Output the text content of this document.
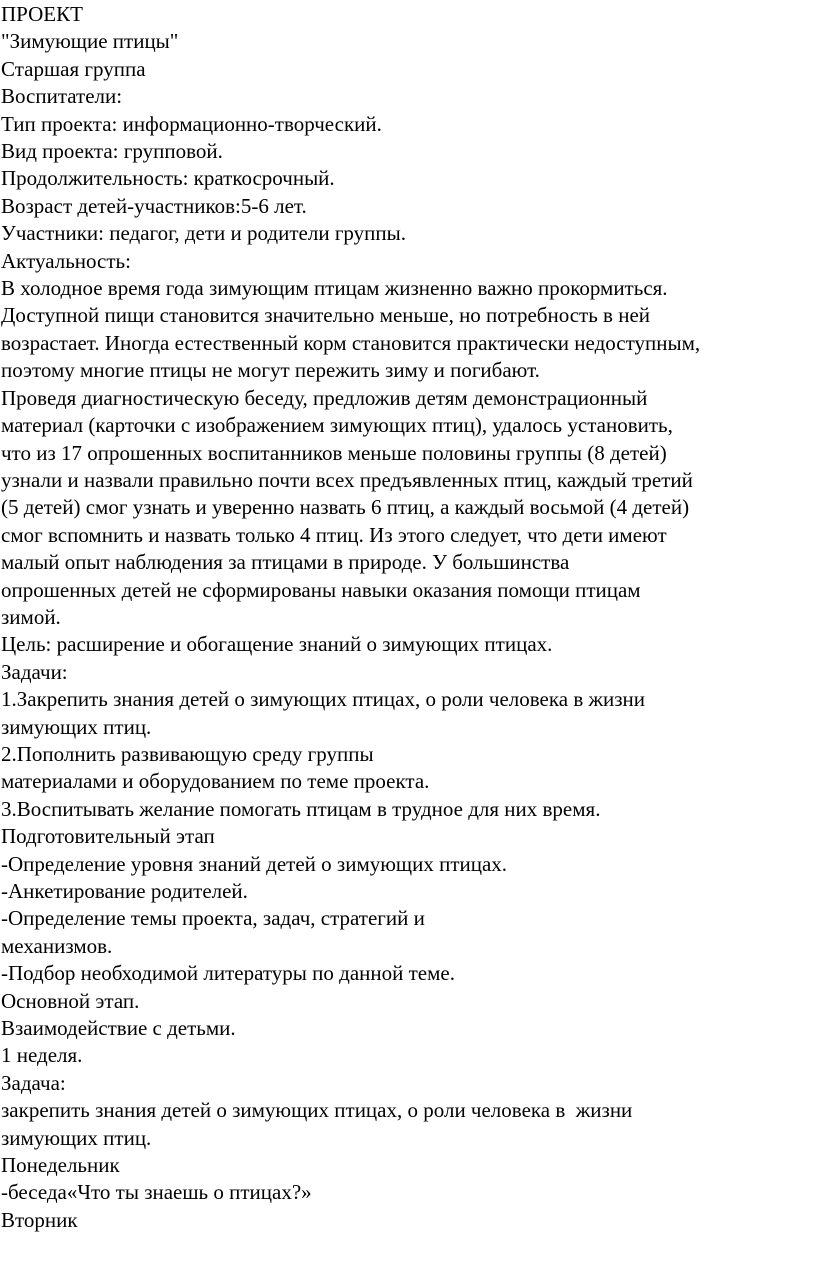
ПРОЕКТ

"Зимующие птицы"

Старшая группа

Воспитатели:

Тип проекта: информационно-творческий.

Вид проекта: групповой.

Продолжительность: краткосрочный.

Возраст детей-участников:5-6 лет.

Участники: педагог, дети и родители группы.

Актуальность:

В холодное время года зимующим птицам жизненно важно прокормиться.

Доступной пищи становится значительно меньше, но потребность в ней

возрастает. Иногда естественный корм становится практически недоступным,

поэтому многие птицы не могут пережить зиму и погибают.

Проведя диагностическую беседу, предложив детям демонстрационный

материал (карточки с изображением зимующих птиц), удалось установить,

что из 17 опрошенных воспитанников меньше половины группы (8 детей)

узнали и назвали правильно почти всех предъявленных птиц, каждый третий

(5 детей) смог узнать и уверенно назвать 6 птиц, а каждый восьмой (4 детей)

смог вспомнить и назвать только 4 птиц. Из этого следует, что дети имеют

малый опыт наблюдения за птицами в природе. У большинства

опрошенных детей не сформированы навыки оказания помощи птицам

зимой.

Цель: расширение и обогащение знаний о зимующих птицах.

Задачи:

1.Закрепить знания детей о зимующих птицах, о роли человека в жизни

зимующих птиц.

2.Пополнить развивающую среду группы

материалами и оборудованием по теме проекта.

3.Воспитывать желание помогать птицам в трудное для них время.

Подготовительный этап

-Определение уровня знаний детей о зимующих птицах.

-Анкетирование родителей.

-Определение темы проекта, задач, стратегий и

механизмов.

-Подбор необходимой литературы по данной теме.

Основной этап.

Взаимодействие с детьми.

1 неделя.

Задача:

закрепить знания детей о зимующих птицах, о роли человека в  жизни

зимующих птиц.

Понедельник

-беседа«Что ты знаешь о птицах?»

Вторник
